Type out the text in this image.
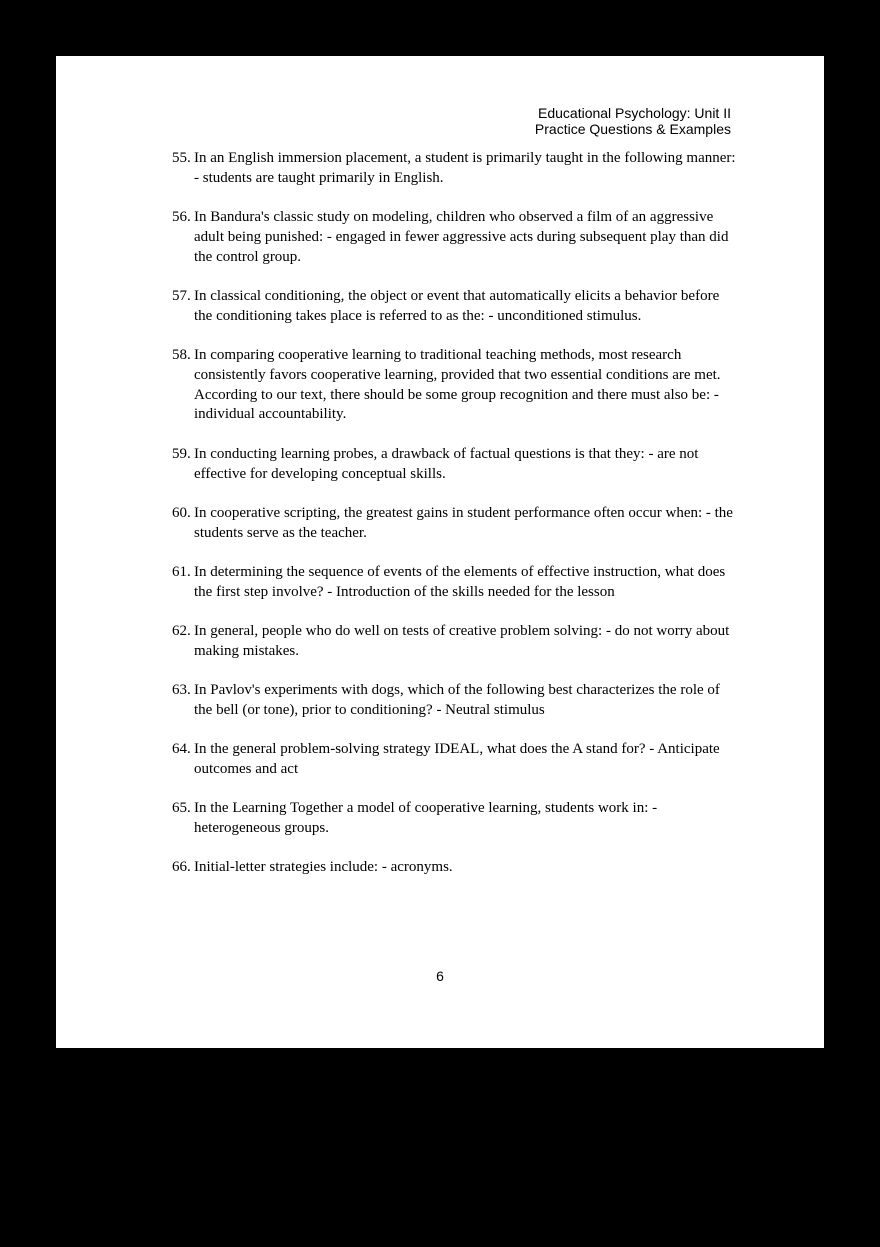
Educational Psychology: Unit II
Practice Questions & Examples
55. In an English immersion placement, a student is primarily taught in the following manner: - students are taught primarily in English.
56. In Bandura's classic study on modeling, children who observed a film of an aggressive adult being punished: - engaged in fewer aggressive acts during subsequent play than did the control group.
57. In classical conditioning, the object or event that automatically elicits a behavior before the conditioning takes place is referred to as the: - unconditioned stimulus.
58. In comparing cooperative learning to traditional teaching methods, most research consistently favors cooperative learning, provided that two essential conditions are met. According to our text, there should be some group recognition and there must also be: - individual accountability.
59. In conducting learning probes, a drawback of factual questions is that they: - are not effective for developing conceptual skills.
60. In cooperative scripting, the greatest gains in student performance often occur when: - the students serve as the teacher.
61. In determining the sequence of events of the elements of effective instruction, what does the first step involve? - Introduction of the skills needed for the lesson
62. In general, people who do well on tests of creative problem solving: - do not worry about making mistakes.
63. In Pavlov's experiments with dogs, which of the following best characterizes the role of the bell (or tone), prior to conditioning? - Neutral stimulus
64. In the general problem-solving strategy IDEAL, what does the A stand for? - Anticipate outcomes and act
65. In the Learning Together a model of cooperative learning, students work in: - heterogeneous groups.
66. Initial-letter strategies include: - acronyms.
6
